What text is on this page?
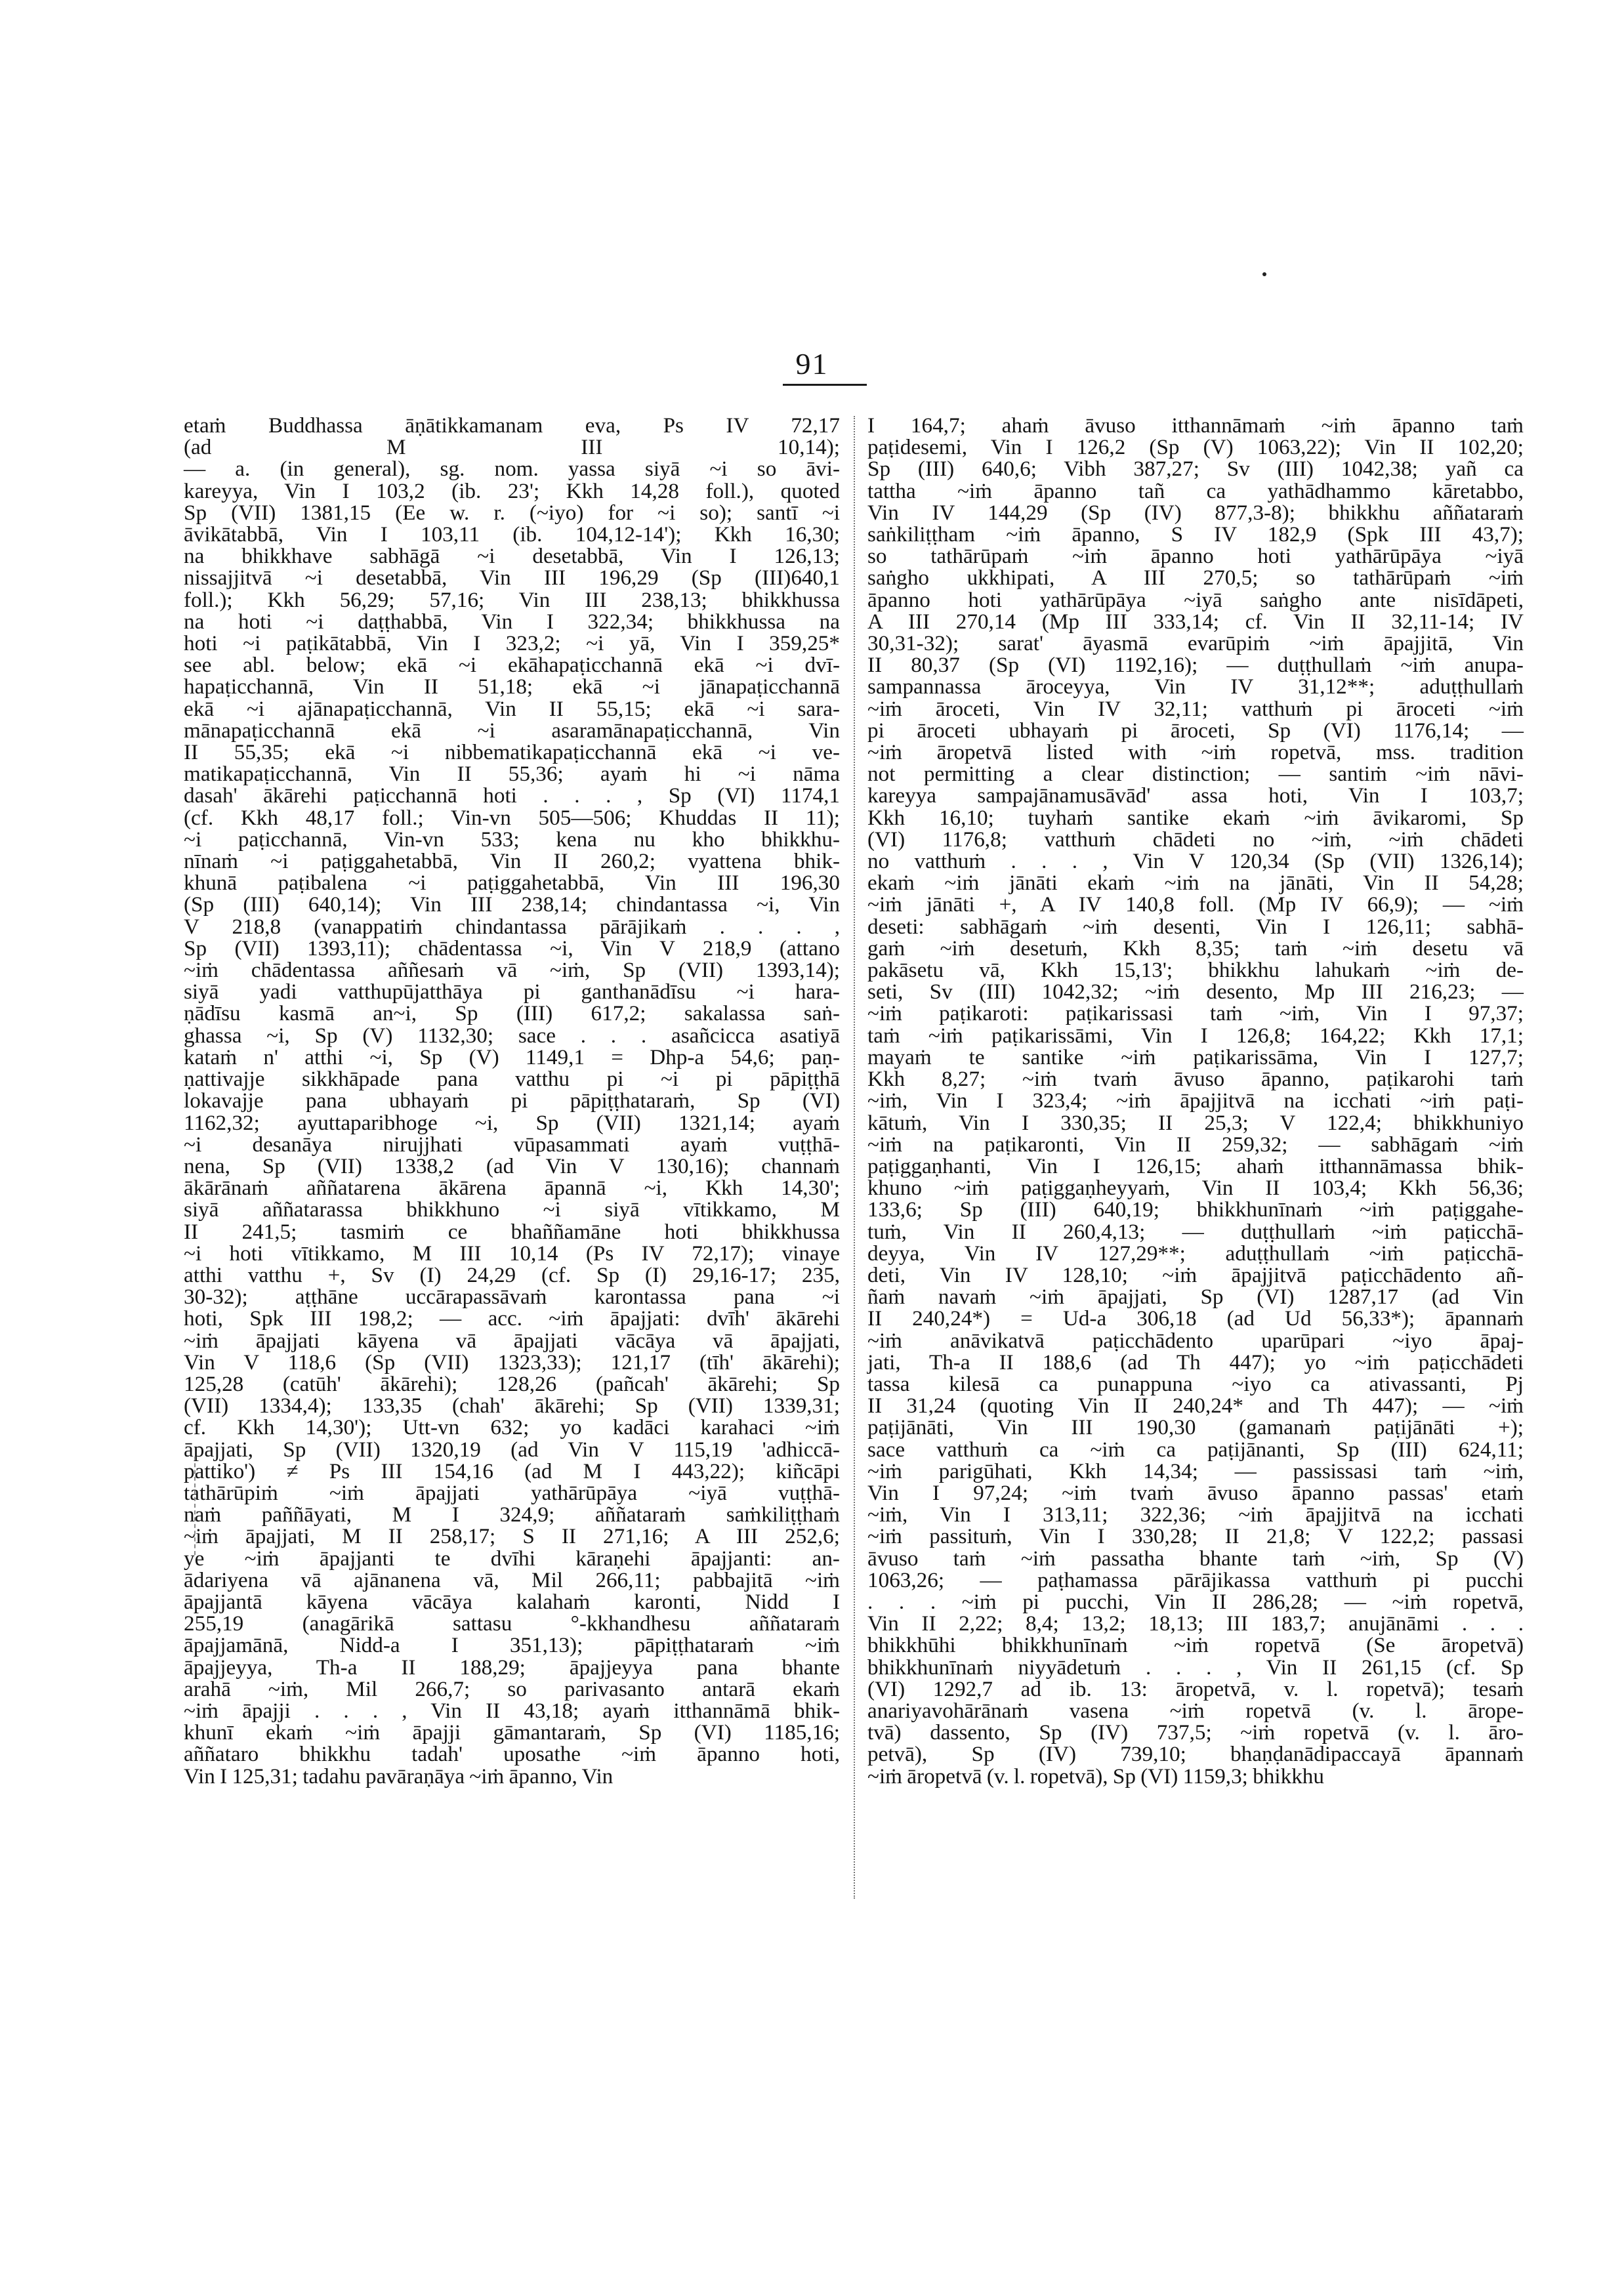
91
etaṁ Buddhassa āṇātikkamanam eva, Ps IV 72,17
(ad M III 10,14);
— a. (in general), sg. nom. yassa siyā ~i so āvi-
kareyya, Vin I 103,2 (ib. 23'; Kkh 14,28 foll.), quoted
Sp (VII) 1381,15 (Ee w. r. (~iyo) for ~i so); santī ~i
āvikātabbā, Vin I 103,11 (ib. 104,12-14'); Kkh 16,30;
na bhikkhave sabhāgā ~i desetabbā, Vin I 126,13;
nissajjitvā ~i desetabbā, Vin III 196,29 (Sp (III)640,1
foll.); Kkh 56,29; 57,16; Vin III 238,13; bhikkhussa
na hoti ~i daṭṭhabbā, Vin I 322,34; bhikkhussa na
hoti ~i paṭikātabbā, Vin I 323,2; ~i yā, Vin I 359,25*
see abl. below; ekā ~i ekāhapaṭicchannā ekā ~i dvī-
hapaṭicchannā, Vin II 51,18; ekā ~i jānapaṭicchannā
ekā ~i ajānapaṭicchannā, Vin II 55,15; ekā ~i sara-
mānapaṭicchannā ekā ~i asaramānapaṭicchannā, Vin
II 55,35; ekā ~i nibbematikapaṭicchannā ekā ~i ve-
matikapaṭicchannā, Vin II 55,36; ayaṁ hi ~i nāma
dasah' ākārehi paṭicchannā hoti . . . , Sp (VI) 1174,1
(cf. Kkh 48,17 foll.; Vin-vn 505—506; Khuddas II 11);
~i paṭicchannā, Vin-vn 533; kena nu kho bhikkhu-
nīnaṁ ~i paṭiggahetabbā, Vin II 260,2; vyattena bhik-
khunā paṭibalena ~i paṭiggahetabbā, Vin III 196,30
(Sp (III) 640,14); Vin III 238,14; chindantassa ~i, Vin
V 218,8 (vanappatiṁ chindantassa pārājikaṁ . . . ,
Sp (VII) 1393,11); chādentassa ~i, Vin V 218,9 (attano
~iṁ chādentassa aññesaṁ vā ~iṁ, Sp (VII) 1393,14);
siyā yadi vatthupūjatthāya pi ganthanādīsu ~i hara-
ṇādīsu kasmā an~i, Sp (III) 617,2; sakalassa saṅ-
ghassa ~i, Sp (V) 1132,30; sace . . . asañcicca asatiyā
kataṁ n' atthi ~i, Sp (V) 1149,1 = Dhp-a 54,6; paṇ-
ṇattivajje sikkhāpade pana vatthu pi ~i pi pāpiṭṭhā
lokavajje pana ubhayaṁ pi pāpiṭṭhataraṁ, Sp (VI)
1162,32; ayuttaparibhoge ~i, Sp (VII) 1321,14; ayaṁ
~i desanāya nirujjhati vūpasammati ayaṁ vuṭṭhā-
nena, Sp (VII) 1338,2 (ad Vin V 130,16); channaṁ
ākārānaṁ aññatarena ākārena āpannā ~i, Kkh 14,30';
siyā aññatarassa bhikkhuno ~i siyā vītikkamo, M
II 241,5; tasmiṁ ce bhaññamāne hoti bhikkhussa
~i hoti vītikkamo, M III 10,14 (Ps IV 72,17); vinaye
atthi vatthu +, Sv (I) 24,29 (cf. Sp (I) 29,16-17; 235,
30-32); aṭṭhāne uccārapassāvaṁ karontassa pana ~i
hoti, Spk III 198,2; — acc. ~iṁ āpajjati: dvīh' ākārehi
~iṁ āpajjati kāyena vā āpajjati vācāya vā āpajjati,
Vin V 118,6 (Sp (VII) 1323,33); 121,17 (tīh' ākārehi);
125,28 (catūh' ākārehi); 128,26 (pañcah' ākārehi; Sp
(VII) 1334,4); 133,35 (chah' ākārehi; Sp (VII) 1339,31;
cf. Kkh 14,30'); Utt-vn 632; yo kadāci karahaci ~iṁ
āpajjati, Sp (VII) 1320,19 (ad Vin V 115,19 'adhiccā-
pattiko') ≠ Ps III 154,16 (ad M I 443,22); kiñcāpi
tathārūpiṁ ~iṁ āpajjati yathārūpāya ~iyā vuṭṭhā-
naṁ paññāyati, M I 324,9; aññataraṁ saṁkiliṭṭhaṁ
~iṁ āpajjati, M II 258,17; S II 271,16; A III 252,6;
ye ~iṁ āpajjanti te dvīhi kāraṇehi āpajjanti: an-
ādariyena vā ajānanena vā, Mil 266,11; pabbajitā ~iṁ
āpajjantā kāyena vācāya kalahaṁ karonti, Nidd I
255,19 (anagārikā sattasu °-kkhandhesu aññataraṁ
āpajjamānā, Nidd-a I 351,13); pāpiṭṭhataraṁ ~iṁ
āpajjeyya, Th-a II 188,29; āpajjeyya pana bhante
arahā ~iṁ, Mil 266,7; so parivasanto antarā ekaṁ
~iṁ āpajji . . . , Vin II 43,18; ayaṁ itthannāmā bhik-
khunī ekaṁ ~iṁ āpajji gāmantaraṁ, Sp (VI) 1185,16;
aññataro bhikkhu tadah' uposathe ~iṁ āpanno hoti,
Vin I 125,31; tadahu pavāraṇāya ~iṁ āpanno, Vin
I 164,7; ahaṁ āvuso itthannāmaṁ ~iṁ āpanno taṁ
paṭidesemi, Vin I 126,2 (Sp (V) 1063,22); Vin II 102,20;
Sp (III) 640,6; Vibh 387,27; Sv (III) 1042,38; yañ ca
tattha ~iṁ āpanno tañ ca yathādhammo kāretabbo,
Vin IV 144,29 (Sp (IV) 877,3-8); bhikkhu aññataraṁ
saṅkiliṭṭham ~iṁ āpanno, S IV 182,9 (Spk III 43,7);
so tathārūpaṁ ~iṁ āpanno hoti yathārūpāya ~iyā
saṅgho ukkhipati, A III 270,5; so tathārūpaṁ ~iṁ
āpanno hoti yathārūpāya ~iyā saṅgho ante nisīdāpeti,
A III 270,14 (Mp III 333,14; cf. Vin II 32,11-14; IV
30,31-32); sarat' āyasmā evarūpiṁ ~iṁ āpajjitā, Vin
II 80,37 (Sp (VI) 1192,16); — duṭṭhullaṁ ~iṁ anupa-
sampannassa āroceyya, Vin IV 31,12**; aduṭṭhullaṁ
~iṁ āroceti, Vin IV 32,11; vatthuṁ pi āroceti ~iṁ
pi āroceti ubhayaṁ pi āroceti, Sp (VI) 1176,14; —
~iṁ āropetvā listed with ~iṁ ropetvā, mss. tradition
not permitting a clear distinction; — santiṁ ~iṁ nāvi-
kareyya sampajānamusāvād' assa hoti, Vin I 103,7;
Kkh 16,10; tuyhaṁ santike ekaṁ ~iṁ āvikaromi, Sp
(VI) 1176,8; vatthuṁ chādeti no ~iṁ, ~iṁ chādeti
no vatthuṁ . . . , Vin V 120,34 (Sp (VII) 1326,14);
ekaṁ ~iṁ jānāti ekaṁ ~iṁ na jānāti, Vin II 54,28;
~iṁ jānāti +, A IV 140,8 foll. (Mp IV 66,9); — ~iṁ
deseti: sabhāgaṁ ~iṁ desenti, Vin I 126,11; sabhā-
gaṁ ~iṁ desetuṁ, Kkh 8,35; taṁ ~iṁ desetu vā
pakāsetu vā, Kkh 15,13'; bhikkhu lahukaṁ ~iṁ de-
seti, Sv (III) 1042,32; ~iṁ desento, Mp III 216,23; —
~iṁ paṭikaroti: paṭikarissasi taṁ ~iṁ, Vin I 97,37;
taṁ ~iṁ paṭikarissāmi, Vin I 126,8; 164,22; Kkh 17,1;
mayaṁ te santike ~iṁ paṭikarissāma, Vin I 127,7;
Kkh 8,27; ~iṁ tvaṁ āvuso āpanno, paṭikarohi taṁ
~iṁ, Vin I 323,4; ~iṁ āpajjitvā na icchati ~iṁ paṭi-
kātuṁ, Vin I 330,35; II 25,3; V 122,4; bhikkhuniyo
~iṁ na paṭikaronti, Vin II 259,32; — sabhāgaṁ ~iṁ
paṭiggaṇhanti, Vin I 126,15; ahaṁ itthannāmassa bhik-
khuno ~iṁ paṭiggaṇheyyaṁ, Vin II 103,4; Kkh 56,36;
133,6; Sp (III) 640,19; bhikkhunīnaṁ ~iṁ paṭiggahe-
tuṁ, Vin II 260,4,13; — duṭṭhullaṁ ~iṁ paṭicchā-
deyya, Vin IV 127,29**; aduṭṭhullaṁ ~iṁ paṭicchā-
deti, Vin IV 128,10; ~iṁ āpajjitvā paṭicchādento añ-
ñaṁ navaṁ ~iṁ āpajjati, Sp (VI) 1287,17 (ad Vin
II 240,24*) = Ud-a 306,18 (ad Ud 56,33*); āpannaṁ
~iṁ anāvikatvā paṭicchādento uparūpari ~iyo āpaj-
jati, Th-a II 188,6 (ad Th 447); yo ~iṁ paṭicchādeti
tassa kilesā ca punappuna ~iyo ca ativassanti, Pj
II 31,24 (quoting Vin II 240,24* and Th 447); — ~iṁ
paṭijānāti, Vin III 190,30 (gamanaṁ paṭijānāti +);
sace vatthuṁ ca ~iṁ ca paṭijānanti, Sp (III) 624,11;
~iṁ parigūhati, Kkh 14,34; — passissasi taṁ ~iṁ,
Vin I 97,24; ~iṁ tvaṁ āvuso āpanno passas' etaṁ
~iṁ, Vin I 313,11; 322,36; ~iṁ āpajjitvā na icchati
~iṁ passituṁ, Vin I 330,28; II 21,8; V 122,2; passasi
āvuso taṁ ~iṁ passatha bhante taṁ ~iṁ, Sp (V)
1063,26; — paṭhamassa pārājikassa vatthuṁ pi pucchi
. . . ~iṁ pi pucchi, Vin II 286,28; — ~iṁ ropetvā,
Vin II 2,22; 8,4; 13,2; 18,13; III 183,7; anujānāmi . . .
bhikkhūhi bhikkhunīnaṁ ~iṁ ropetvā (Se āropetvā)
bhikkhunīnaṁ niyyādetuṁ . . . , Vin II 261,15 (cf. Sp
(VI) 1292,7 ad ib. 13: āropetvā, v. l. ropetvā); tesaṁ
anariyavohārānaṁ vasena ~iṁ ropetvā (v. l. ārope-
tvā) dassento, Sp (IV) 737,5; ~iṁ ropetvā (v. l. āro-
petvā), Sp (IV) 739,10; bhaṇḍanādipaccayā āpannaṁ
~iṁ āropetvā (v. l. ropetvā), Sp (VI) 1159,3; bhikkhu
